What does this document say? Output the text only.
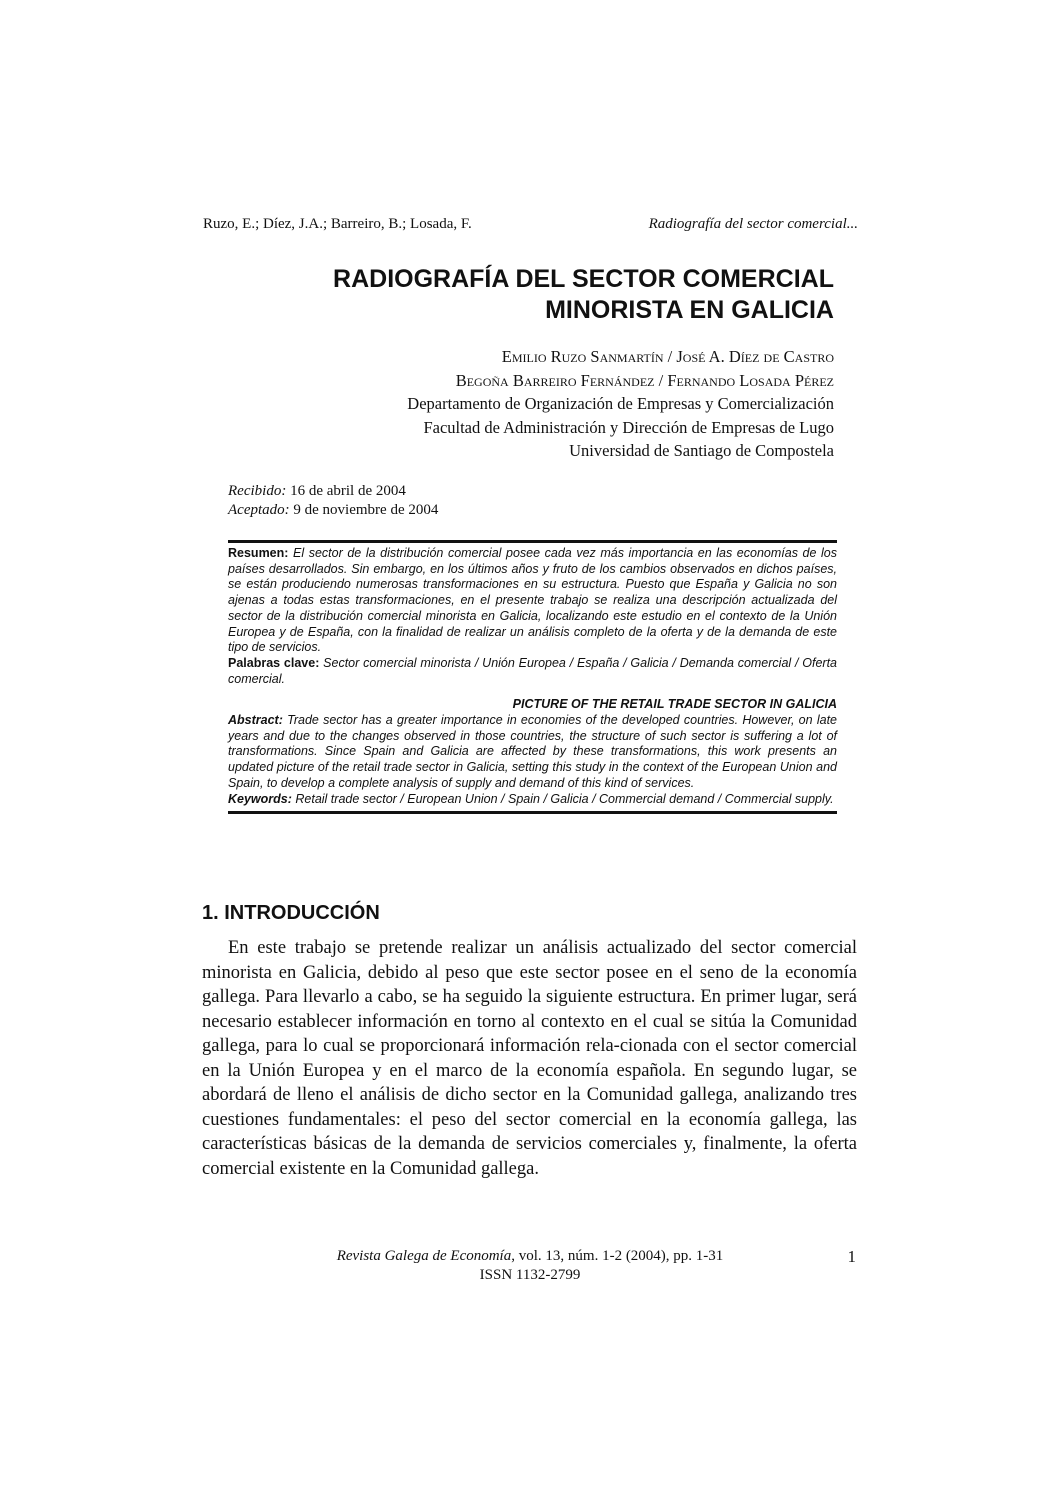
Ruzo, E.; Díez, J.A.; Barreiro, B.; Losada, F.	Radiografía del sector comercial...
RADIOGRAFÍA DEL SECTOR COMERCIAL
MINORISTA EN GALICIA
Emilio Ruzo Sanmartín / José A. Díez de Castro
Begoña Barreiro Fernández / Fernando Losada Pérez
Departamento de Organización de Empresas y Comercialización
Facultad de Administración y Dirección de Empresas de Lugo
Universidad de Santiago de Compostela
Recibido: 16 de abril de 2004
Aceptado: 9 de noviembre de 2004

Resumen: El sector de la distribución comercial posee cada vez más importancia en las economías de los países desarrollados. Sin embargo, en los últimos años y fruto de los cambios observados en dichos países, se están produciendo numerosas transformaciones en su estructura. Puesto que España y Galicia no son ajenas a todas estas transformaciones, en el presente trabajo se realiza una descripción actualizada del sector de la distribución comercial minorista en Galicia, localizando este estudio en el contexto de la Unión Europea y de España, con la finalidad de realizar un análisis completo de la oferta y de la demanda de este tipo de servicios.

Palabras clave: Sector comercial minorista / Unión Europea / España / Galicia / Demanda comercial / Oferta comercial.

PICTURE OF THE RETAIL TRADE SECTOR IN GALICIA

Abstract: Trade sector has a greater importance in economies of the developed countries. However, on late years and due to the changes observed in those countries, the structure of such sector is suffering a lot of transformations. Since Spain and Galicia are affected by these transformations, this work presents an updated picture of the retail trade sector in Galicia, setting this study in the context of the European Union and Spain, to develop a complete analysis of supply and demand of this kind of services.

Keywords: Retail trade sector / European Union / Spain / Galicia / Commercial demand / Commercial supply.

1. INTRODUCCIÓN
En este trabajo se pretende realizar un análisis actualizado del sector comercial minorista en Galicia, debido al peso que este sector posee en el seno de la economía gallega. Para llevarlo a cabo, se ha seguido la siguiente estructura. En primer lugar, será necesario establecer información en torno al contexto en el cual se sitúa la Comunidad gallega, para lo cual se proporcionará información rela-cionada con el sector comercial en la Unión Europea y en el marco de la economía española. En segundo lugar, se abordará de lleno el análisis de dicho sector en la Comunidad gallega, analizando tres cuestiones fundamentales: el peso del sector comercial en la economía gallega, las características básicas de la demanda de servicios comerciales y, finalmente, la oferta comercial existente en la Comunidad gallega.
Revista Galega de Economía, vol. 13, núm. 1-2 (2004), pp. 1-31
ISSN 1132-2799
1
